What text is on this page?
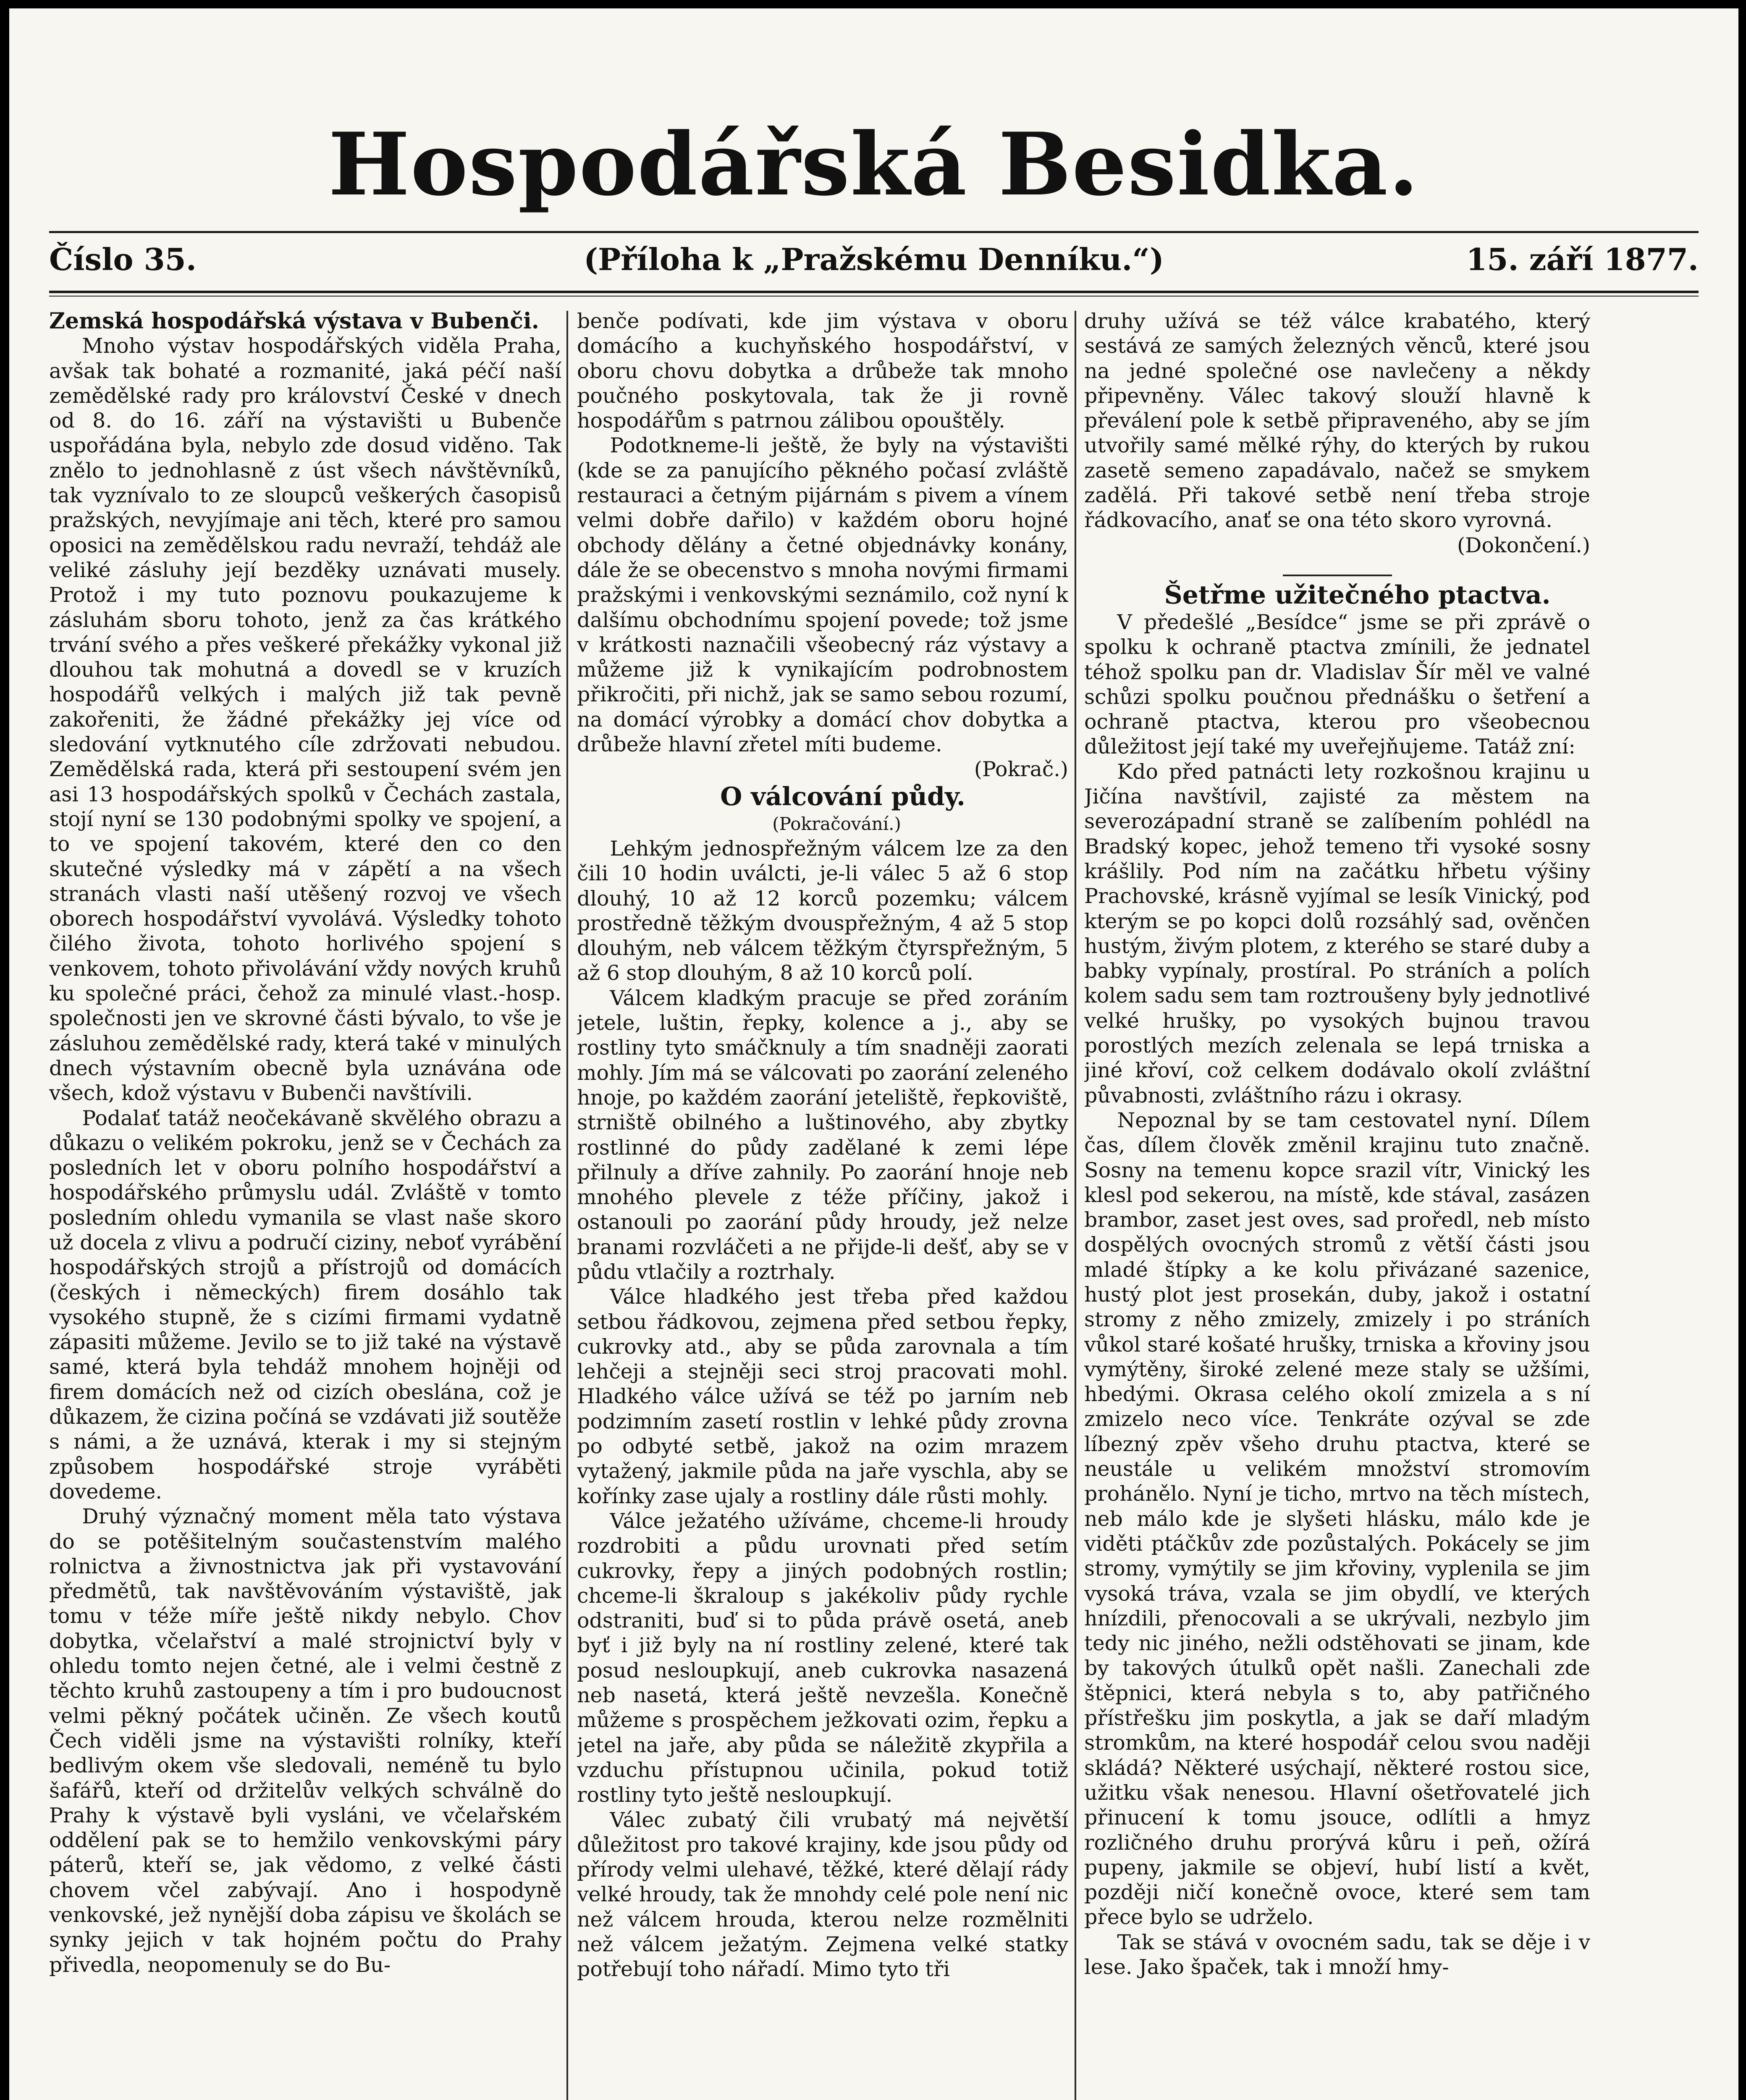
Hospodářská Besidka.
Číslo 35.	(Příloha k „Pražskému Denníku.“)	15. září 1877.

Zemská hospodářská výstava v Bubenči.

Mnoho výstav hospodářských viděla Praha, avšak tak bohaté a rozmanité, jaká péčí naší zemědělské rady pro království České v dnech od 8. do 16. září na výstavišti u Bubenče uspořádána byla, nebylo zde dosud viděno. Tak znělo to jednohlasně z úst všech návštěvníků, tak vyznívalo to ze sloupců veškerých časopisů pražských, nevyjímaje ani těch, které pro samou oposici na zemědělskou radu nevraží, tehdáž ale veliké zásluhy její bezděky uznávati musely. Protož i my tuto poznovu poukazujeme k zásluhám sboru tohoto, jenž za čas krátkého trvání svého a přes veškeré překážky vykonal již dlouhou tak mohutná a dovedl se v kruzích hospodářů velkých i malých již tak pevně zakořeniti, že žádné překážky jej více od sledování vytknutého cíle zdržovati nebudou. Zemědělská rada, která při sestoupení svém jen asi 13 hospodářských spolků v Čechách zastala, stojí nyní se 130 podobnými spolky ve spojení, a to ve spojení takovém, které den co den skutečné výsledky má v zápětí a na všech stranách vlasti naší utěšený rozvoj ve všech oborech hospodářství vyvolává. Výsledky tohoto čilého života, tohoto horlivého spojení s venkovem, tohoto přivolávání vždy nových kruhů ku společné práci, čehož za minulé vlast.-hosp. společnosti jen ve skrovné části bývalo, to vše je zásluhou zemědělské rady, která také v minulých dnech výstavním obecně byla uznávána ode všech, kdož výstavu v Bubenči navštívili.

Podalať tatáž neočekávaně skvělého obrazu a důkazu o velikém pokroku, jenž se v Čechách za posledních let v oboru polního hospodářství a hospodářského průmyslu udál. Zvláště v tomto posledním ohledu vymanila se vlast naše skoro už docela z vlivu a područí ciziny, neboť vyrábění hospodářských strojů a přístrojů od domácích (českých i německých) firem dosáhlo tak vysokého stupně, že s cizími firmami vydatně zápasiti můžeme. Jevilo se to již také na výstavě samé, která byla tehdáž mnohem hojněji od firem domácích než od cizích obeslána, což je důkazem, že cizina počíná se vzdávati již soutěže s námi, a že uznává, kterak i my si stejným způsobem hospodářské stroje vyráběti dovedeme.

Druhý význačný moment měla tato výstava do se potěšitelným součastenstvím malého rolnictva a živnostnictva jak při vystavování předmětů, tak navštěvováním výstaviště, jak tomu v téže míře ještě nikdy nebylo. Chov dobytka, včelařství a malé strojnictví byly v ohledu tomto nejen četné, ale i velmi čestně z těchto kruhů zastoupeny a tím i pro budoucnost velmi pěkný počátek učiněn. Ze všech koutů Čech viděli jsme na výstavišti rolníky, kteří bedlivým okem vše sledovali, neméně tu bylo šafářů, kteří od držitelův velkých schválně do Prahy k výstavě byli vysláni, ve včelařském oddělení pak se to hemžilo venkovskými páry páterů, kteří se, jak vědomo, z velké části chovem včel zabývají. Ano i hospodyně venkovské, jež nynější doba zápisu ve školách se synky jejich v tak hojném počtu do Prahy přivedla, neopomenuly se do Bu-

benče podívati, kde jim výstava v oboru domácího a kuchyňského hospodářství, v oboru chovu dobytka a drůbeže tak mnoho poučného poskytovala, tak že ji rovně hospodářům s patrnou zálibou opouštěly.

Podotkneme-li ještě, že byly na výstavišti (kde se za panujícího pěkného počasí zvláště restauraci a četným pijárnám s pivem a vínem velmi dobře dařilo) v každém oboru hojné obchody dělány a četné objednávky konány, dále že se obecenstvo s mnoha novými firmami pražskými i venkovskými seznámilo, což nyní k dalšímu obchodnímu spojení povede; tož jsme v krátkosti naznačili všeobecný ráz výstavy a můžeme již k vynikajícím podrobnostem přikročiti, při nichž, jak se samo sebou rozumí, na domácí výrobky a domácí chov dobytka a drůbeže hlavní zřetel míti budeme.

(Pokrač.)

O válcování půdy.

(Pokračování.)

Lehkým jednospřežným válcem lze za den čili 10 hodin uválcti, je-li válec 5 až 6 stop dlouhý, 10 až 12 korců pozemku; válcem prostředně těžkým dvouspřežným, 4 až 5 stop dlouhým, neb válcem těžkým čtyrspřežným, 5 až 6 stop dlouhým, 8 až 10 korců polí.

Válcem kladkým pracuje se před zoráním jetele, luštin, řepky, kolence a j., aby se rostliny tyto smáčknuly a tím snadněji zaorati mohly. Jím má se válcovati po zaorání zeleného hnoje, po každém zaorání jeteliště, řepkoviště, strniště obilného a luštinového, aby zbytky rostlinné do půdy zadělané k zemi lépe přilnuly a dříve zahnily. Po zaorání hnoje neb mnohého plevele z téže příčiny, jakož i ostanouli po zaorání půdy hroudy, jež nelze branami rozvláčeti a ne přijde-li dešť, aby se v půdu vtlačily a roztrhaly.

Válce hladkého jest třeba před každou setbou řádkovou, zejmena před setbou řepky, cukrovky atd., aby se půda zarovnala a tím lehčeji a stejněji seci stroj pracovati mohl. Hladkého válce užívá se též po jarním neb podzimním zasetí rostlin v lehké půdy zrovna po odbyté setbě, jakož na ozim mrazem vytažený, jakmile půda na jaře vyschla, aby se kořínky zase ujaly a rostliny dále růsti mohly.

Válce ježatého užíváme, chceme-li hroudy rozdrobiti a půdu urovnati před setím cukrovky, řepy a jiných podobných rostlin; chceme-li škraloup s jakékoliv půdy rychle odstraniti, buď si to půda právě osetá, aneb byť i již byly na ní rostliny zelené, které tak posud nesloupkují, aneb cukrovka nasazená neb nasetá, která ještě nevzešla. Konečně můžeme s prospěchem ježkovati ozim, řepku a jetel na jaře, aby půda se náležitě zkypřila a vzduchu přístupnou učinila, pokud totiž rostliny tyto ještě nesloupkují.

Válec zubatý čili vrubatý má největší důležitost pro takové krajiny, kde jsou půdy od přírody velmi ulehavé, těžké, které dělají rády velké hroudy, tak že mnohdy celé pole není nic než válcem hrouda, kterou nelze rozmělniti než válcem ježatým. Zejmena velké statky potřebují toho nářadí. Mimo tyto tři

druhy užívá se též válce krabatého, který sestává ze samých železných věnců, které jsou na jedné společné ose navlečeny a někdy připevněny. Válec takový slouží hlavně k převálení pole k setbě připraveného, aby se jím utvořily samé mělké rýhy, do kterých by rukou zasetě semeno zapadávalo, načež se smykem zadělá. Při takové setbě není třeba stroje řádkovacího, anať se ona této skoro vyrovná.

(Dokončení.)

Šetřme užitečného ptactva.

V předešlé „Besídce“ jsme se při zprávě o spolku k ochraně ptactva zmínili, že jednatel téhož spolku pan dr. Vladislav Šír měl ve valné schůzi spolku poučnou přednášku o šetření a ochraně ptactva, kterou pro všeobecnou důležitost její také my uveřejňujeme. Tatáž zní:

Kdo před patnácti lety rozkošnou krajinu u Jičína navštívil, zajisté za městem na severozápadní straně se zalíbením pohlédl na Bradský kopec, jehož temeno tři vysoké sosny krášlily. Pod ním na začátku hřbetu výšiny Prachovské, krásně vyjímal se lesík Vinický, pod kterým se po kopci dolů rozsáhlý sad, ověnčen hustým, živým plotem, z kteréhо se staré duby a babky vypínaly, prostíral. Po stráních a polích kolem sadu sem tam roztroušeny byly jednotlivé velké hrušky, po vysokých bujnou travou porostlých mezích zelenala se lepá trniska a jiné křoví, což celkem dodávalo okolí zvláštní půvabnosti, zvláštního rázu i okrasy.

Nepoznal by se tam cestovatel nyní. Dílem čas, dílem člověk změnil krajinu tuto značně. Sosny na temenu kopce srazil vítr, Vinický les klesl pod sekerou, na místě, kde stával, zasázen brambor, zaset jest oves, sad proředl, neb místo dospělých ovocných stromů z větší části jsou mladé štípky a ke kolu přivázané sazenice, hustý plot jest prosekán, duby, jakož i ostatní stromy z něho zmizely, zmizely i po stráních vůkol staré košaté hrušky, trniska a křoviny jsou vymýtěny, široké zelené meze staly se užšími, hbedými. Okrasa celého okolí zmizela a s ní zmizelo neco více. Tenkráte ozýval se zde líbezný zpěv všeho druhu ptactva, které se neustále u velikém množství stromovím prohánělo. Nyní je ticho, mrtvo na těch místech, neb málo kde je slyšeti hlásku, málo kde je viděti ptáčkův zde pozůstalých. Pokácely se jim stromy, vymýtily se jim křoviny, vyplenila se jim vysoká tráva, vzala se jim obydlí, ve kterých hnízdili, přenocovali a se ukrývali, nezbylo jim tedy nic jiného, nežli odstěhovati se jinam, kde by takových útulků opět našli. Zanechali zde štěpnici, která nebyla s to, aby patřičného přístřešku jim poskytla, a jak se daří mladým stromkům, na které hospodář celou svou naději skládá? Některé usýchají, některé rostou sice, užitku však nenesou. Hlavní ošetřovatelé jich přinucení k tomu jsouce, odlítli a hmyz rozličného druhu prorývá kůru i peň, ožírá pupeny, jakmile se objeví, hubí listí a květ, později ničí konečně ovoce, které sem tam přece bylo se udrželo.

Tak se stává v ovocném sadu, tak se děje i v lese. Jako špaček, tak i množí hmy-
